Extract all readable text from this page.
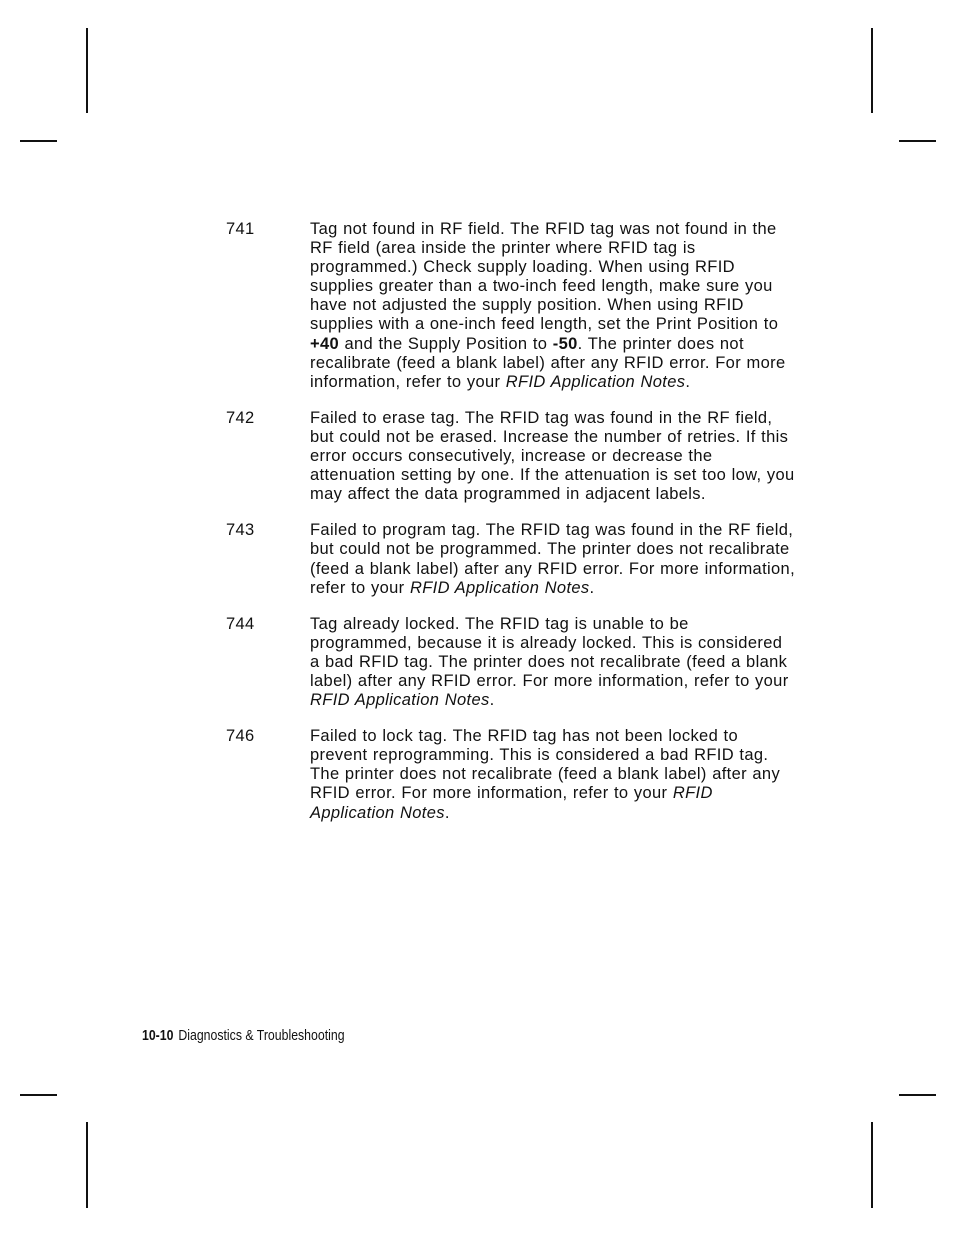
741	Tag not found in RF field. The RFID tag was not found in the RF field (area inside the printer where RFID tag is programmed.) Check supply loading. When using RFID supplies greater than a two-inch feed length, make sure you have not adjusted the supply position. When using RFID supplies with a one-inch feed length, set the Print Position to +40 and the Supply Position to -50. The printer does not recalibrate (feed a blank label) after any RFID error. For more information, refer to your RFID Application Notes.
742	Failed to erase tag. The RFID tag was found in the RF field, but could not be erased. Increase the number of retries. If this error occurs consecutively, increase or decrease the attenuation setting by one. If the attenuation is set too low, you may affect the data programmed in adjacent labels.
743	Failed to program tag. The RFID tag was found in the RF field, but could not be programmed. The printer does not recalibrate (feed a blank label) after any RFID error. For more information, refer to your RFID Application Notes.
744	Tag already locked. The RFID tag is unable to be programmed, because it is already locked. This is considered a bad RFID tag. The printer does not recalibrate (feed a blank label) after any RFID error. For more information, refer to your RFID Application Notes.
746	Failed to lock tag. The RFID tag has not been locked to prevent reprogramming. This is considered a bad RFID tag. The printer does not recalibrate (feed a blank label) after any RFID error. For more information, refer to your RFID Application Notes.
10-10 Diagnostics & Troubleshooting
